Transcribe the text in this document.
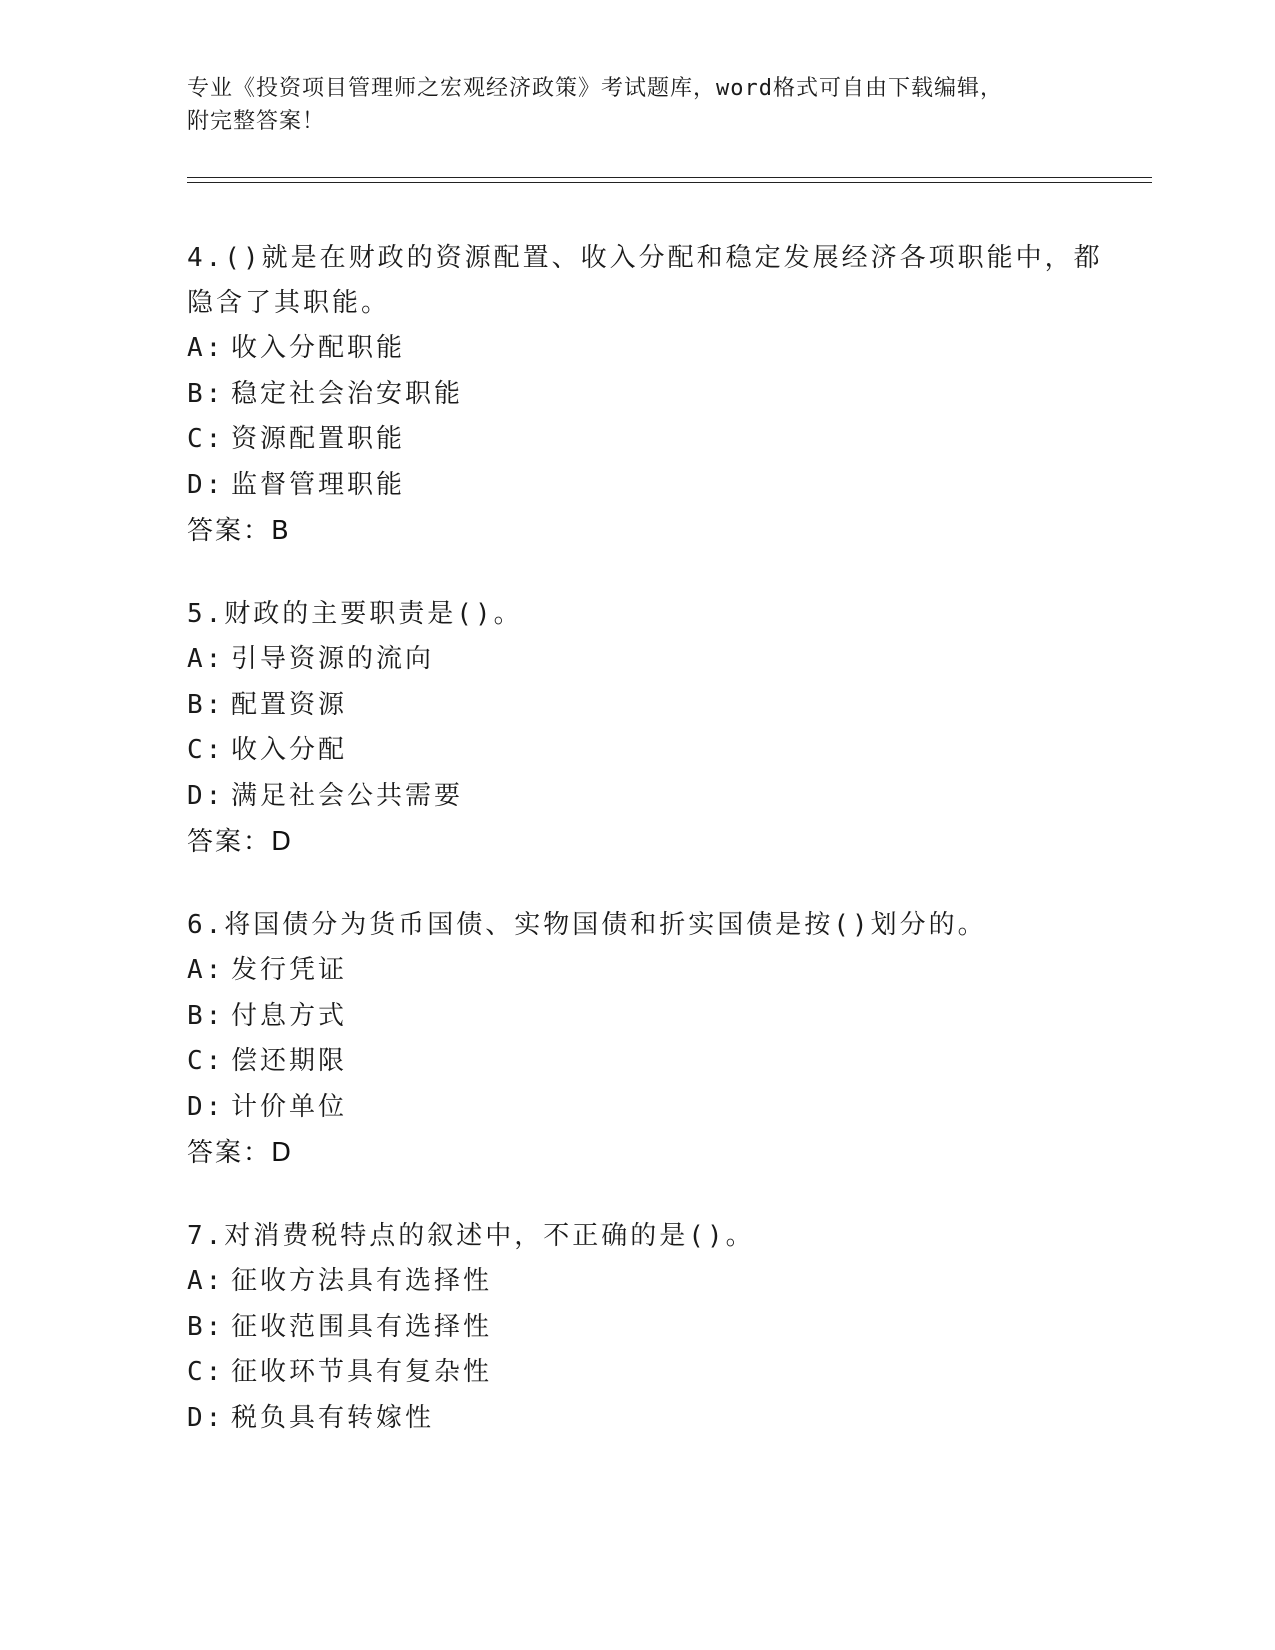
专业《投资项目管理师之宏观经济政策》考试题库，word格式可自由下载编辑，
附完整答案！

4.()就是在财政的资源配置、收入分配和稳定发展经济各项职能中，都隐含了其职能。

A: 收入分配职能

B: 稳定社会治安职能

C: 资源配置职能

D: 监督管理职能

答案：B

5.财政的主要职责是()。

A: 引导资源的流向

B: 配置资源

C: 收入分配

D: 满足社会公共需要

答案：D

6.将国债分为货币国债、实物国债和折实国债是按()划分的。

A: 发行凭证

B: 付息方式

C: 偿还期限

D: 计价单位

答案：D

7.对消费税特点的叙述中，不正确的是()。

A: 征收方法具有选择性

B: 征收范围具有选择性

C: 征收环节具有复杂性

D: 税负具有转嫁性
